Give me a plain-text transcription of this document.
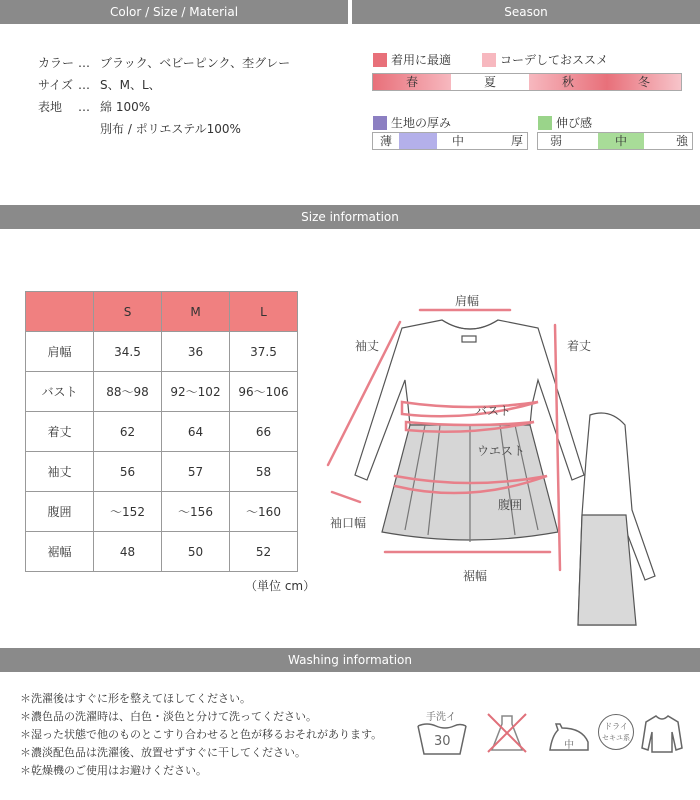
Color / Size / Material	Season
カラー … ブラック、ベビーピンク、杢グレー
サイズ … S、M、L、
表地	… 綿 100%
別布 / ポリエステル100%
着用に最適	コーデしておススメ
春	夏	秋	冬
生地の厚み	伸び感
薄	中	厚	弱	中	強
Size information
	S	M	L
肩幅	34.5	36	37.5
バスト	88〜98	92〜102	96〜106
着丈	62	64	66
袖丈	56	57	58
腹囲	〜152	〜156	〜160
裾幅	48	50	52
（単位 cm）
肩幅
袖丈	着丈
バスト
ウエスト
腹囲
袖口幅
裾幅
Washing information
＊洗濯後はすぐに形を整えてほしてください。
＊濃色品の洗濯時は、白色・淡色と分けて洗ってください。
＊湿った状態で他のものとこすり合わせると色が移るおそれがあります。
＊濃淡配色品は洗濯後、放置せずすぐに干してください。
＊乾燥機のご使用はお避けください。
手洗イ
30	中
ドライ
セキユ系
